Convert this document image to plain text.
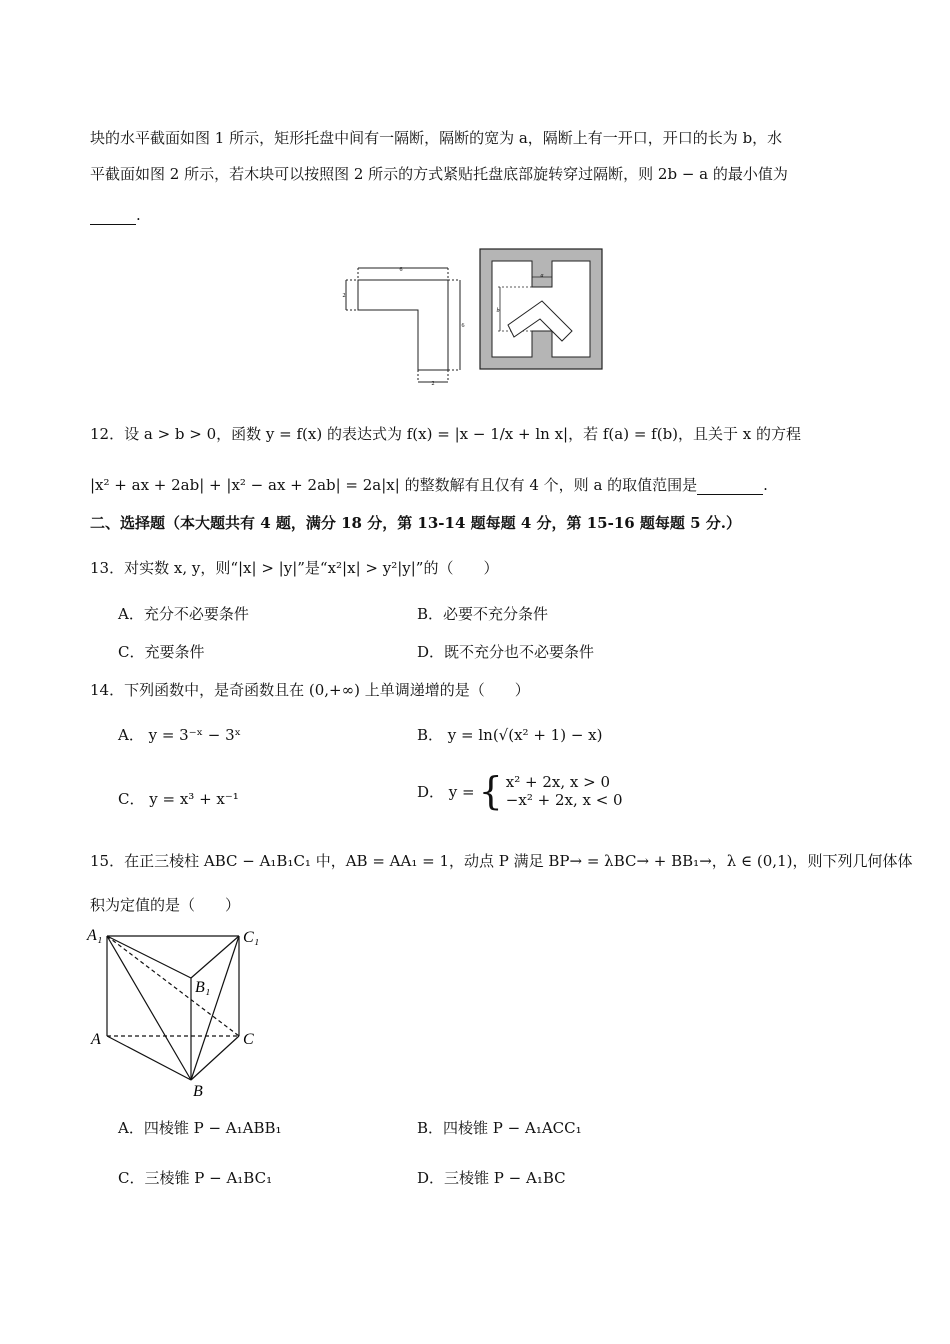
块的水平截面如图 1 所示，矩形托盘中间有一隔断，隔断的宽为 a，隔断上有一开口，开口的长为 b，水
平截面如图 2 所示，若木块可以按照图 2 所示的方式紧贴托盘底部旋转穿过隔断，则 2b − a 的最小值为
.
6
2
6
2
a
b
12．设 a > b > 0，函数 y = f(x) 的表达式为 f(x) = |x − 1/x + ln x|，若 f(a) = f(b)，且关于 x 的方程
|x² + ax + 2ab| + |x² − ax + 2ab| = 2a|x| 的整数解有且仅有 4 个，则 a 的取值范围是	.
二、选择题（本大题共有 4 题，满分 18 分，第 13-14 题每题 4 分，第 15-16 题每题 5 分.）
13．对实数 x, y，则“|x| > |y|”是“x²|x| > y²|y|”的（　　）
A．充分不必要条件	B．必要不充分条件
C．充要条件	D．既不充分也不必要条件
14．下列函数中，是奇函数且在 (0,+∞) 上单调递增的是（　　）
A． y = 3⁻ˣ − 3ˣ	B． y = ln(√(x² + 1) − x)
C． y = x³ + x⁻¹	D． y = { x² + 2x, x > 0
−x² + 2x, x < 0
15．在正三棱柱 ABC − A₁B₁C₁ 中，AB = AA₁ = 1，动点 P 满足 BP→ = λBC→ + BB₁→，λ ∈ (0,1)，则下列几何体体
积为定值的是（　　）
A₁	C₁
B₁
A	C
B
A．四棱锥 P − A₁ABB₁	B．四棱锥 P − A₁ACC₁
C．三棱锥 P − A₁BC₁	D．三棱锥 P − A₁BC
